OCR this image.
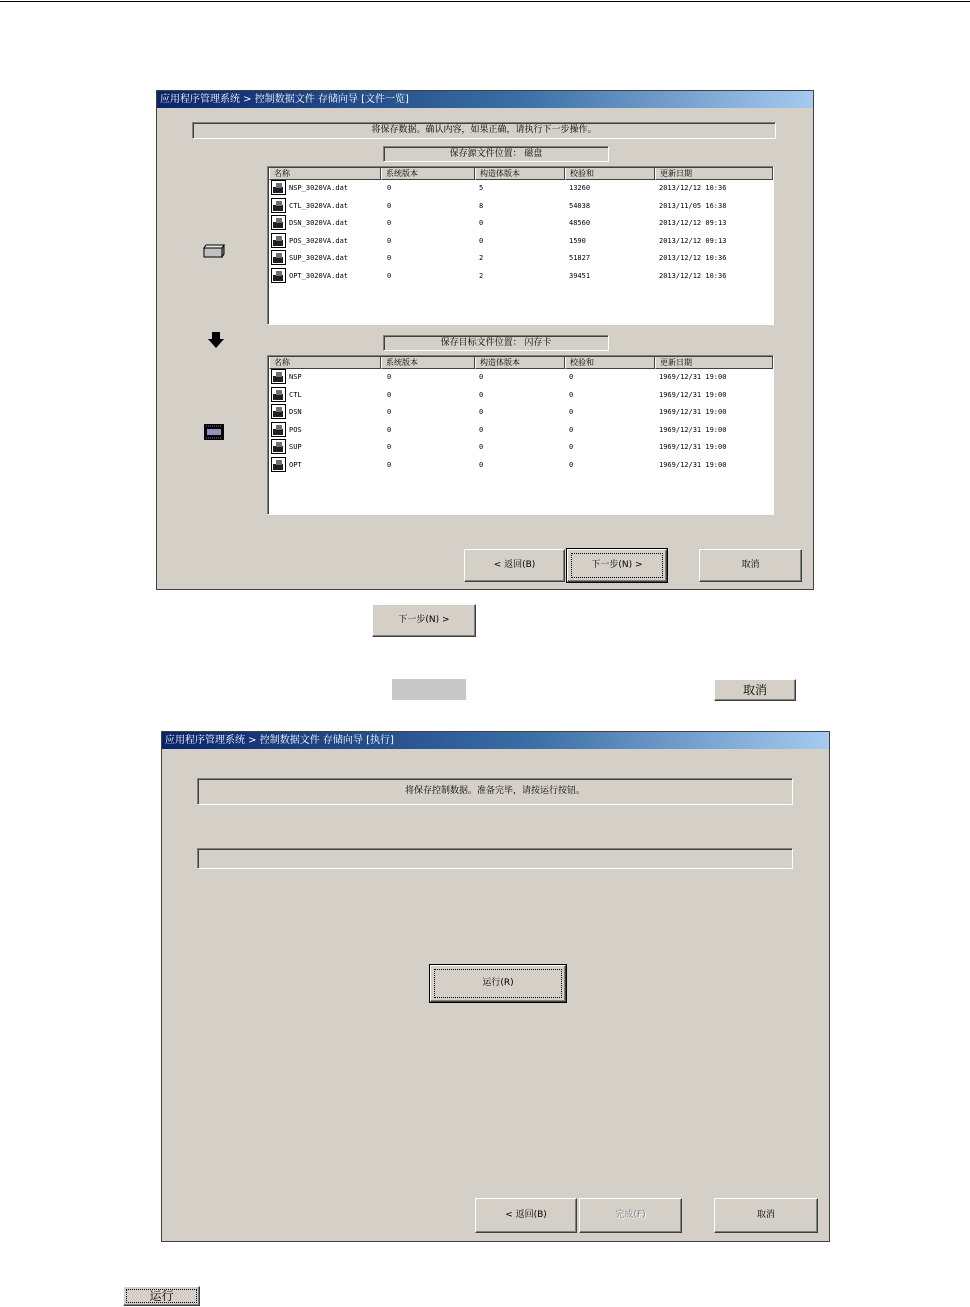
应用程序管理系统 > 控制数据文件 存储向导 [文件一览]
将保存数据。确认内容，如果正确，请执行下一步操作。
保存源文件位置： 磁盘
名称	系统版本	构造体版本	校验和	更新日期
NSP_3020VA.dat	0	5	13260	2013/12/12 10:36
CTL_3020VA.dat	0	8	54038	2013/11/05 16:38
DSN_3020VA.dat	0	0	48560	2013/12/12 09:13
POS_3020VA.dat	0	0	1590	2013/12/12 09:13
SUP_3020VA.dat	0	2	51827	2013/12/12 10:36
OPT_3020VA.dat	0	2	39451	2013/12/12 10:36
保存目标文件位置： 闪存卡
名称	系统版本	构造体版本	校验和	更新日期
NSP	0	0	0	1969/12/31 19:00
CTL	0	0	0	1969/12/31 19:00
DSN	0	0	0	1969/12/31 19:00
POS	0	0	0	1969/12/31 19:00
SUP	0	0	0	1969/12/31 19:00
OPT	0	0	0	1969/12/31 19:00
< 返回(B)	下一步(N) >	取消
下一步(N) >
取消
应用程序管理系统 > 控制数据文件 存储向导 [执行]
将保存控制数据。准备完毕，请按运行按钮。
运行(R)
< 返回(B)	完成(F)	取消
运行
